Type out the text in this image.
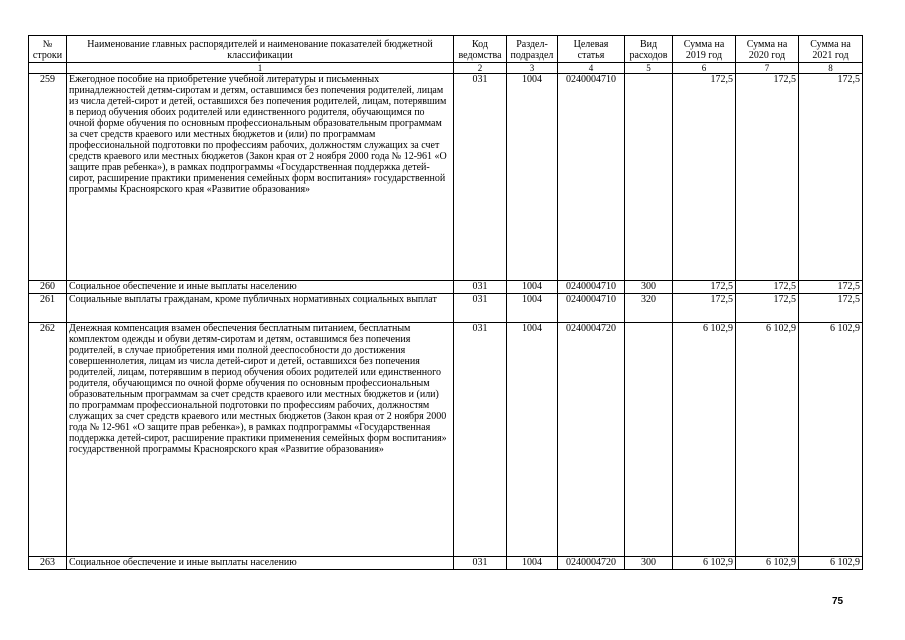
№ строки	Наименование главных распорядителей и наименование показателей бюджетной классификации	Код ведомства	Раздел-подраздел	Целевая статья	Вид расходов	Сумма на 2019 год	Сумма на 2020 год	Сумма на 2021 год
	1	2	3	4	5	6	7	8
259	Ежегодное пособие на приобретение учебной литературы и письменных принадлежностей детям-сиротам и детям, оставшимся без попечения родителей, лицам из числа детей-сирот и детей, оставшихся без попечения родителей, лицам, потерявшим в период обучения обоих родителей или единственного родителя, обучающимся по очной форме обучения по основным профессиональным образовательным программам за счет средств краевого или местных бюджетов и (или) по программам профессиональной подготовки по профессиям рабочих, должностям служащих за счет средств краевого или местных бюджетов (Закон края от 2 ноября 2000 года № 12-961 «О защите прав ребенка»), в рамках подпрограммы «Государственная поддержка детей-сирот, расширение практики применения семейных форм воспитания» государственной программы Красноярского края «Развитие образования»	031	1004	0240004710		172,5	172,5	172,5
260	Социальное обеспечение и иные выплаты населению	031	1004	0240004710	300	172,5	172,5	172,5
261	Социальные выплаты гражданам, кроме публичных нормативных социальных выплат	031	1004	0240004710	320	172,5	172,5	172,5
262	Денежная компенсация взамен обеспечения бесплатным питанием, бесплатным комплектом одежды и обуви детям-сиротам и детям, оставшимся без попечения родителей, в случае приобретения ими полной дееспособности до достижения совершеннолетия, лицам из числа детей-сирот и детей, оставшихся без попечения родителей, лицам, потерявшим в период обучения обоих родителей или единственного родителя, обучающимся по очной форме обучения по основным профессиональным образовательным программам за счет средств краевого или местных бюджетов и (или) по программам профессиональной подготовки по профессиям рабочих, должностям служащих за счет средств краевого или местных бюджетов (Закон края от 2 ноября 2000 года № 12-961 «О защите прав ребенка»), в рамках подпрограммы «Государственная поддержка детей-сирот, расширение практики применения семейных форм воспитания» государственной программы Красноярского края «Развитие образования»	031	1004	0240004720		6 102,9	6 102,9	6 102,9
263	Социальное обеспечение и иные выплаты населению	031	1004	0240004720	300	6 102,9	6 102,9	6 102,9
75
